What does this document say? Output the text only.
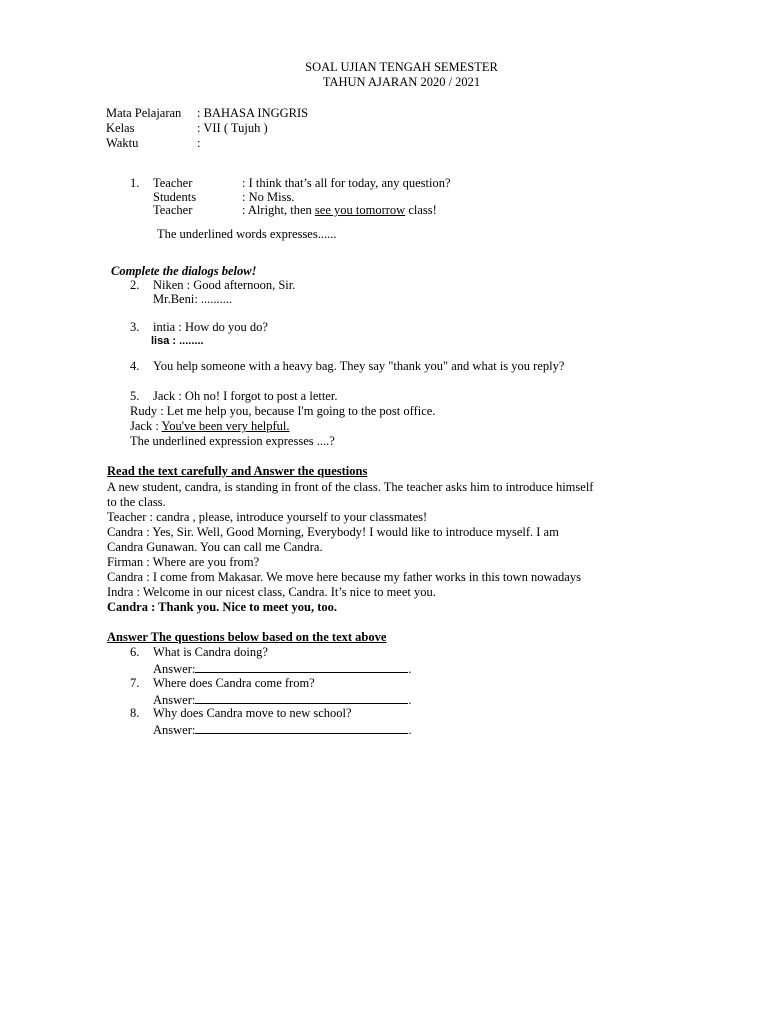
SOAL UJIAN TENGAH SEMESTER
TAHUN AJARAN 2020 / 2021
Mata Pelajaran : BAHASA INGGRIS
Kelas	: VII ( Tujuh )
Waktu	:
1. Teacher	: I think that’s all for today, any question?
Students	: No Miss.
Teacher	: Alright, then see you tomorrow class!
The underlined words expresses......
Complete the dialogs below!
2. Niken : Good afternoon, Sir.
Mr.Beni: ..........
3. intia : How do you do?
lisa : ........
4. You help someone with a heavy bag. They say "thank you" and what is you reply?
5. Jack : Oh no! I forgot to post a letter.
Rudy : Let me help you, because I'm going to the post office.
Jack : You've been very helpful.
The underlined expression expresses ....?
Read the text carefully and Answer the questions
A new student, candra, is standing in front of the class. The teacher asks him to introduce himself
to the class.
Teacher : candra , please, introduce yourself to your classmates!
Candra : Yes, Sir. Well, Good Morning, Everybody! I would like to introduce myself. I am
Candra Gunawan. You can call me Candra.
Firman : Where are you from?
Candra : I come from Makasar. We move here because my father works in this town nowadays
Indra : Welcome in our nicest class, Candra. It’s nice to meet you.
Candra : Thank you. Nice to meet you, too.
Answer The questions below based on the text above
6. What is Candra doing?
Answer:	.
7. Where does Candra come from?
Answer:	.
8. Why does Candra move to new school?
Answer:	.
